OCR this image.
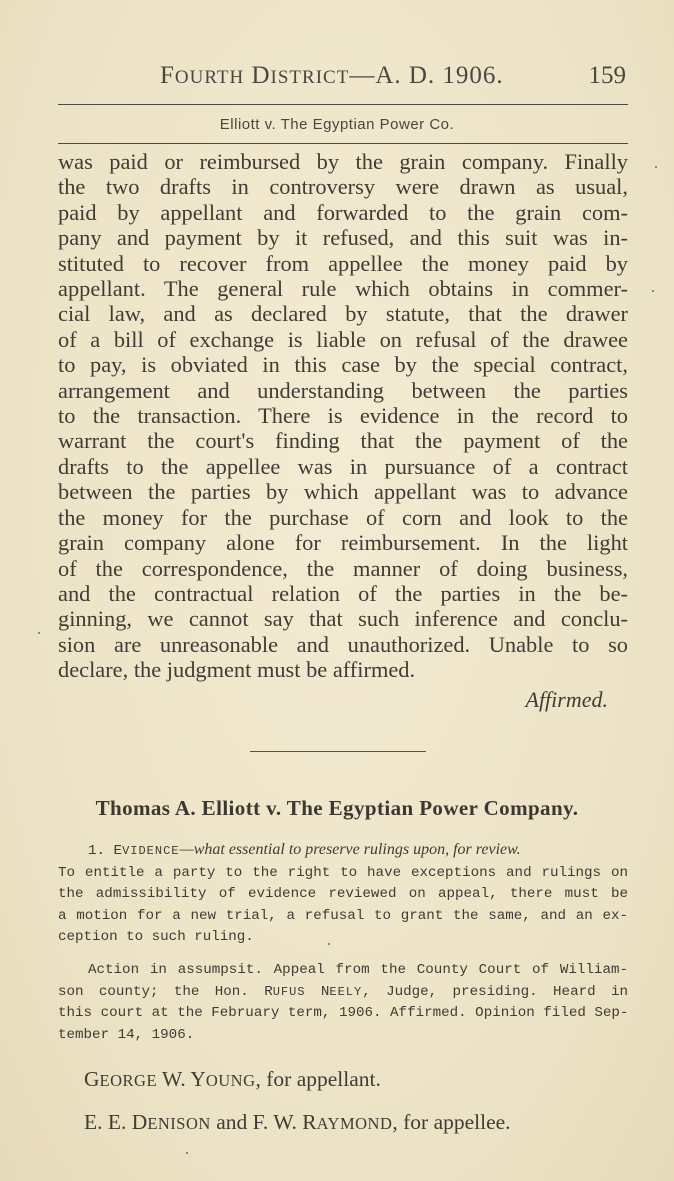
FOURTH DISTRICT—A. D. 1906.	159
Elliott v. The Egyptian Power Co.
was paid or reimbursed by the grain company. Finally
the two drafts in controversy were drawn as usual,
paid by appellant and forwarded to the grain com-
pany and payment by it refused, and this suit was in-
stituted to recover from appellee the money paid by
appellant. The general rule which obtains in commer-
cial law, and as declared by statute, that the drawer
of a bill of exchange is liable on refusal of the drawee
to pay, is obviated in this case by the special contract,
arrangement and understanding between the parties
to the transaction. There is evidence in the record to
warrant the court's finding that the payment of the
drafts to the appellee was in pursuance of a contract
between the parties by which appellant was to advance
the money for the purchase of corn and look to the
grain company alone for reimbursement. In the light
of the correspondence, the manner of doing business,
and the contractual relation of the parties in the be-
ginning, we cannot say that such inference and conclu-
sion are unreasonable and unauthorized. Unable to so
declare, the judgment must be affirmed.
Affirmed.
Thomas A. Elliott v. The Egyptian Power Company.
1. EVIDENCE—what essential to preserve rulings upon, for review.
To entitle a party to the right to have exceptions and rulings on
the admissibility of evidence reviewed on appeal, there must be
a motion for a new trial, a refusal to grant the same, and an ex-
ception to such ruling.
Action in assumpsit. Appeal from the County Court of William-
son county; the Hon. RUFUS NEELY, Judge, presiding. Heard in
this court at the February term, 1906. Affirmed. Opinion filed Sep-
tember 14, 1906.
GEORGE W. YOUNG, for appellant.
E. E. DENISON and F. W. RAYMOND, for appellee.
